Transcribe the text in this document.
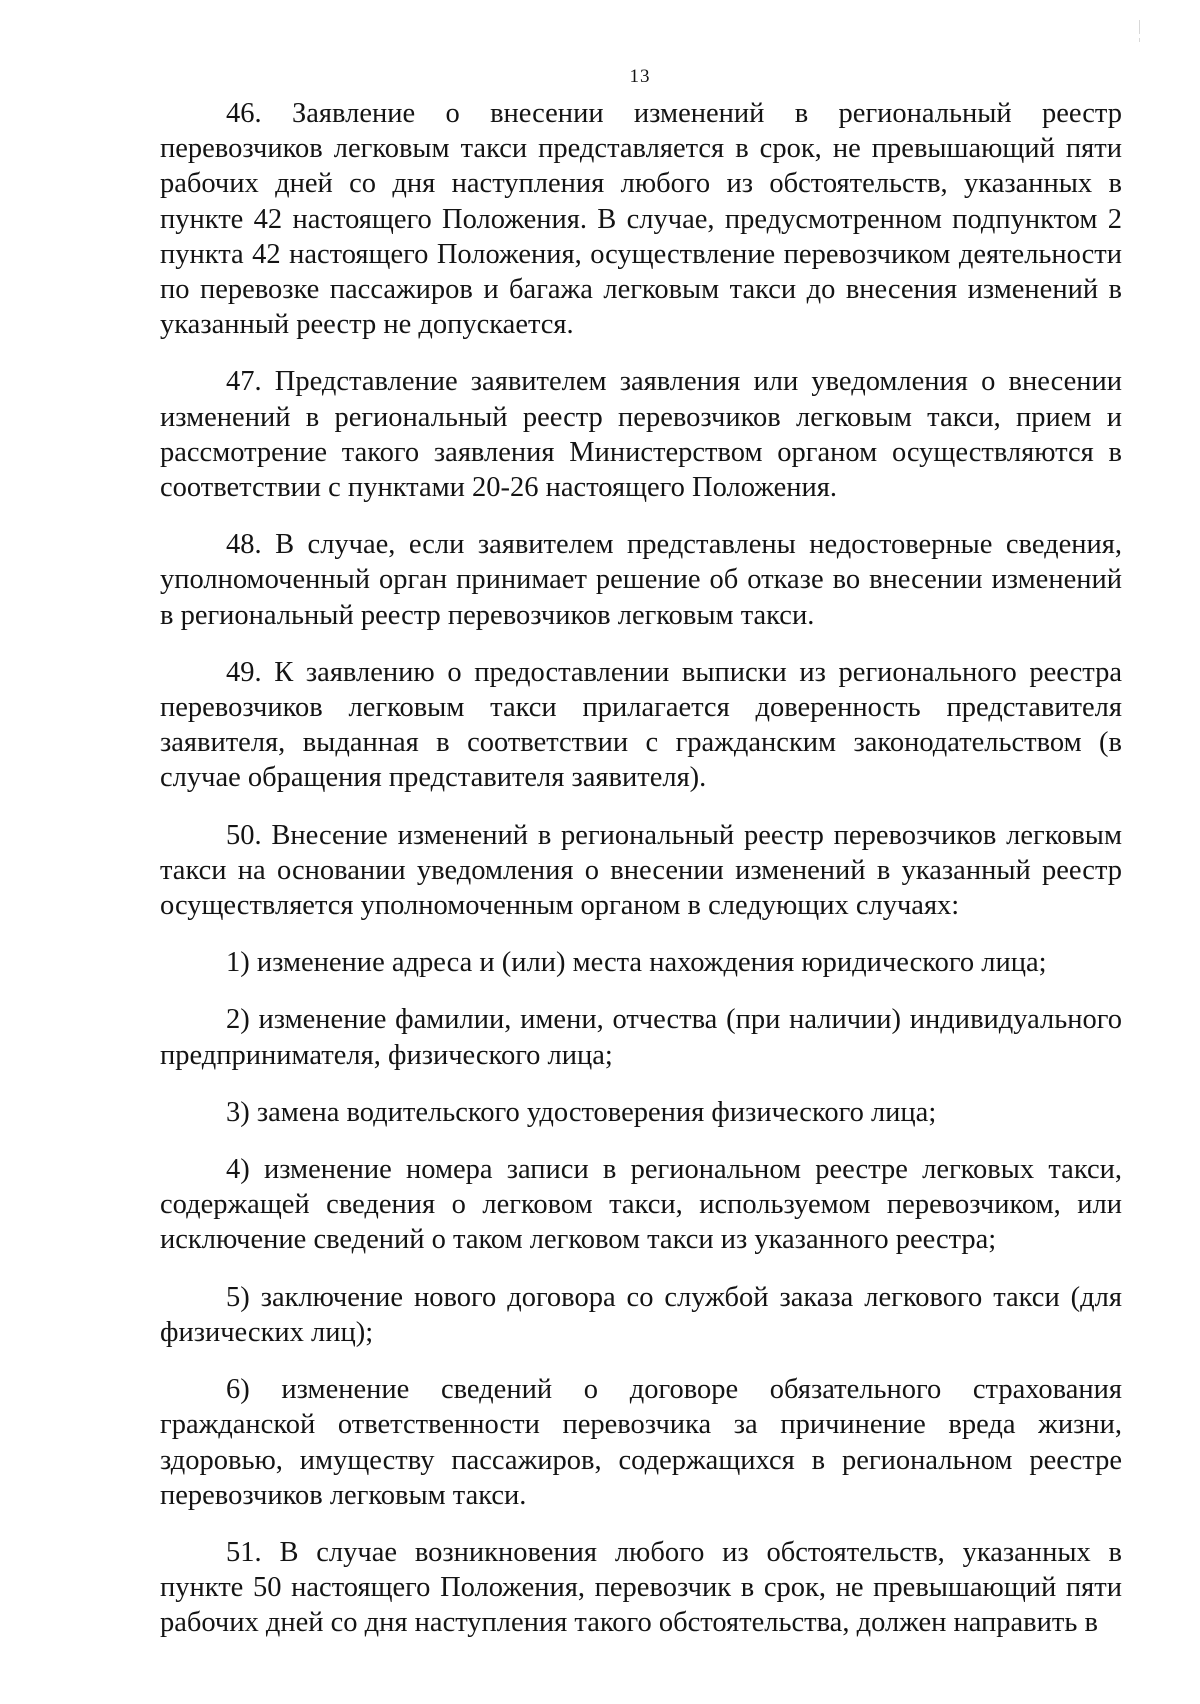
13

46. Заявление о внесении изменений в региональный реестр перевозчиков легковым такси представляется в срок, не превышающий пяти рабочих дней со дня наступления любого из обстоятельств, указанных в пункте 42 настоящего Положения. В случае, предусмотренном подпунктом 2 пункта 42 настоящего Положения, осуществление перевозчиком деятельности по перевозке пассажиров и багажа легковым такси до внесения изменений в указанный реестр не допускается.

47. Представление заявителем заявления или уведомления о внесении изменений в региональный реестр перевозчиков легковым такси, прием и рассмотрение такого заявления Министерством органом осуществляются в соответствии с пунктами 20-26 настоящего Положения.

48. В случае, если заявителем представлены недостоверные сведения, уполномоченный орган принимает решение об отказе во внесении изменений в региональный реестр перевозчиков легковым такси.

49. К заявлению о предоставлении выписки из регионального реестра перевозчиков легковым такси прилагается доверенность представителя заявителя, выданная в соответствии с гражданским законодательством (в случае обращения представителя заявителя).

50. Внесение изменений в региональный реестр перевозчиков легковым такси на основании уведомления о внесении изменений в указанный реестр осуществляется уполномоченным органом в следующих случаях:

1) изменение адреса и (или) места нахождения юридического лица;

2) изменение фамилии, имени, отчества (при наличии) индивидуального предпринимателя, физического лица;

3) замена водительского удостоверения физического лица;

4) изменение номера записи в региональном реестре легковых такси, содержащей сведения о легковом такси, используемом перевозчиком, или исключение сведений о таком легковом такси из указанного реестра;

5) заключение нового договора со службой заказа легкового такси (для физических лиц);

6) изменение сведений о договоре обязательного страхования гражданской ответственности перевозчика за причинение вреда жизни, здоровью, имуществу пассажиров, содержащихся в региональном реестре перевозчиков легковым такси.

51. В случае возникновения любого из обстоятельств, указанных в пункте 50 настоящего Положения, перевозчик в срок, не превышающий пяти рабочих дней со дня наступления такого обстоятельства, должен направить в
